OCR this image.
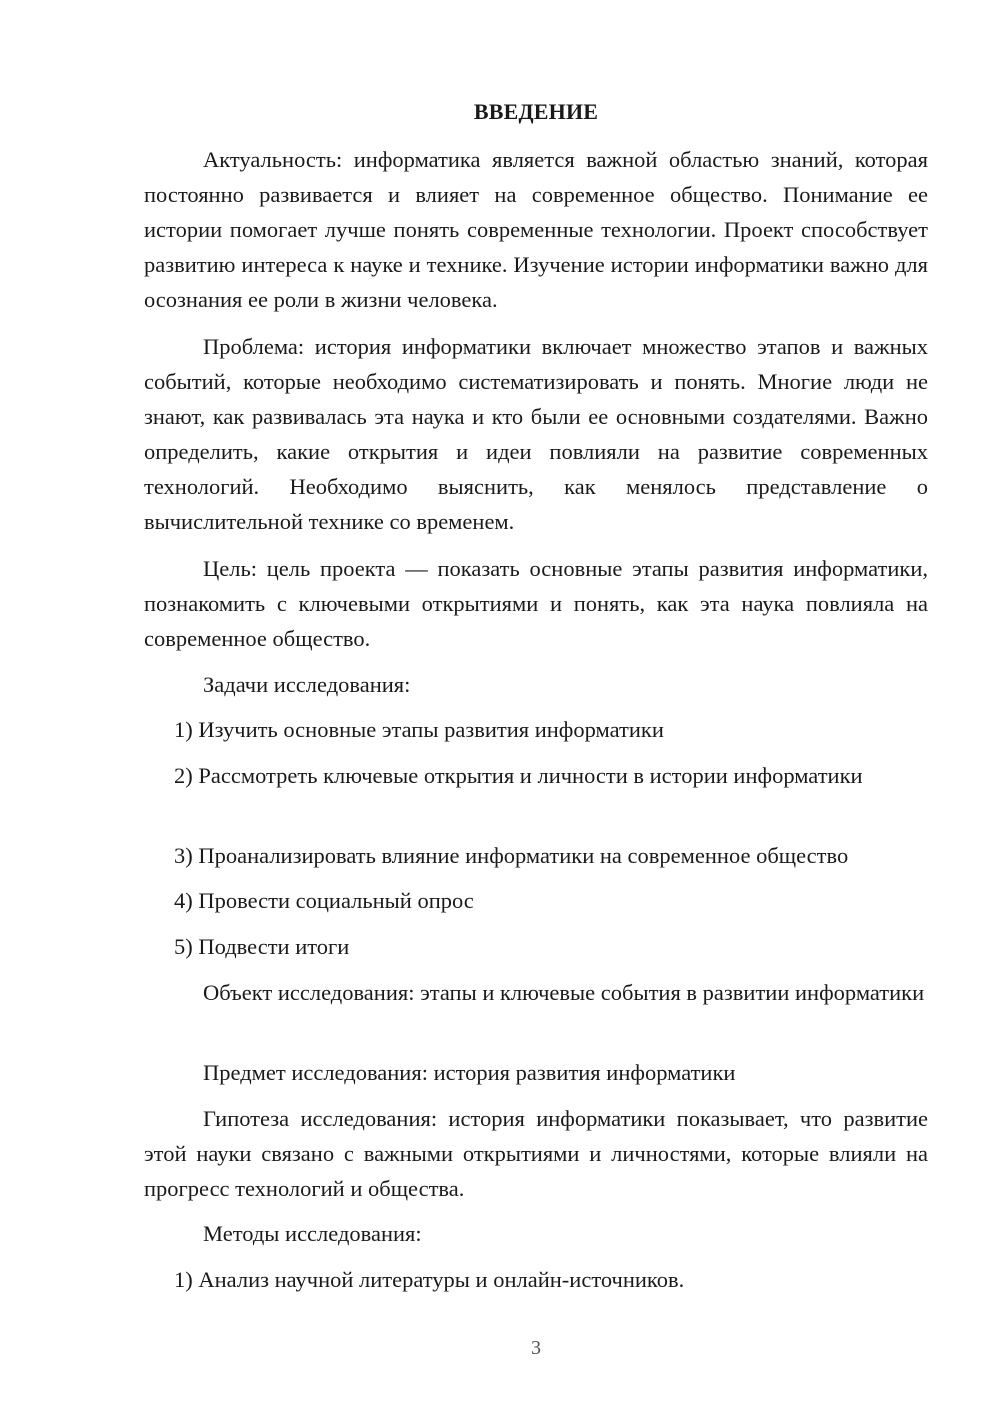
ВВЕДЕНИЕ

Актуальность: информатика является важной областью знаний, которая постоянно развивается и влияет на современное общество. Понимание ее истории помогает лучше понять современные технологии. Проект способствует развитию интереса к науке и технике. Изучение истории информатики важно для осознания ее роли в жизни человека.

Проблема: история информатики включает множество этапов и важных событий, которые необходимо систематизировать и понять. Многие люди не знают, как развивалась эта наука и кто были ее основными создателями. Важно определить, какие открытия и идеи повлияли на развитие современных технологий. Необходимо выяснить, как менялось представление о вычислительной технике со временем.

Цель: цель проекта — показать основные этапы развития информатики, познакомить с ключевыми открытиями и понять, как эта наука повлияла на современное общество.

Задачи исследования:

1) Изучить основные этапы развития информатики

2) Рассмотреть ключевые открытия и личности в истории информатики

3) Проанализировать влияние информатики на современное общество

4) Провести социальный опрос

5) Подвести итоги

Объект исследования: этапы и ключевые события в развитии информатики

Предмет исследования: история развития информатики

Гипотеза исследования: история информатики показывает, что развитие этой науки связано с важными открытиями и личностями, которые влияли на прогресс технологий и общества.

Методы исследования:

1) Анализ научной литературы и онлайн-источников.

3
